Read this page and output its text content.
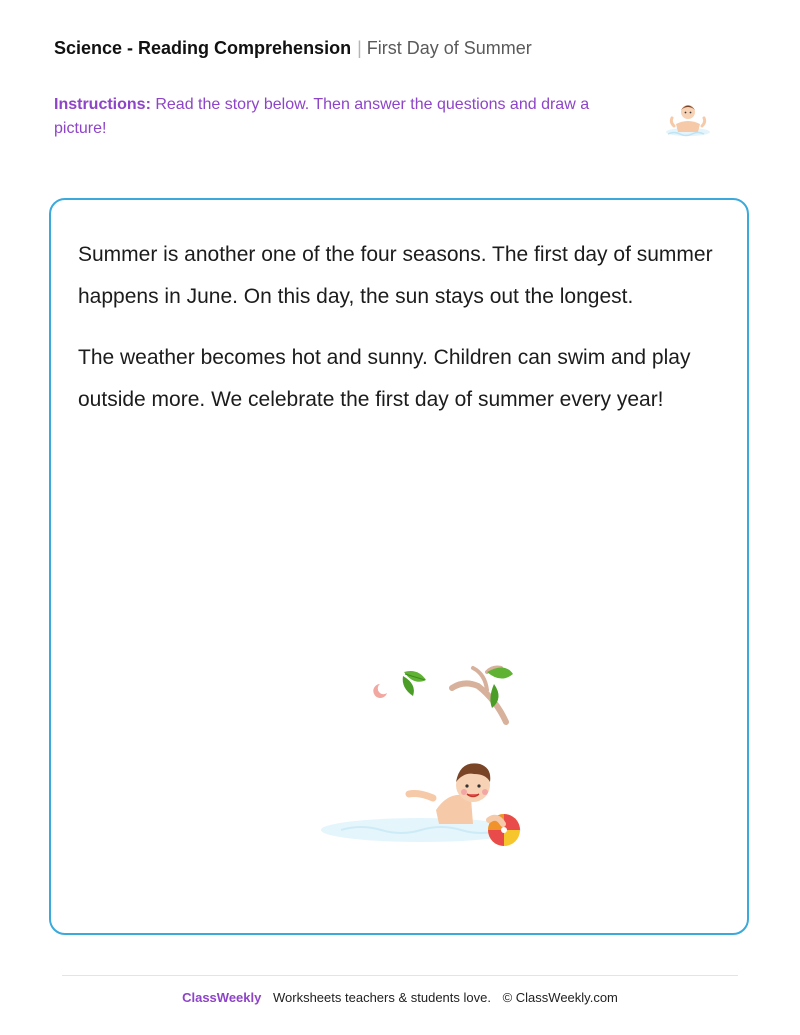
Science - Reading Comprehension | First Day of Summer
Instructions: Read the story below. Then answer the questions and draw a picture!

Summer is another one of the four seasons. The first day of summer happens in June. On this day, the sun stays out the longest.

The weather becomes hot and sunny. Children can swim and play outside more. We celebrate the first day of summer every year!

ClassWeekly Worksheets teachers & students love. © ClassWeekly.com
